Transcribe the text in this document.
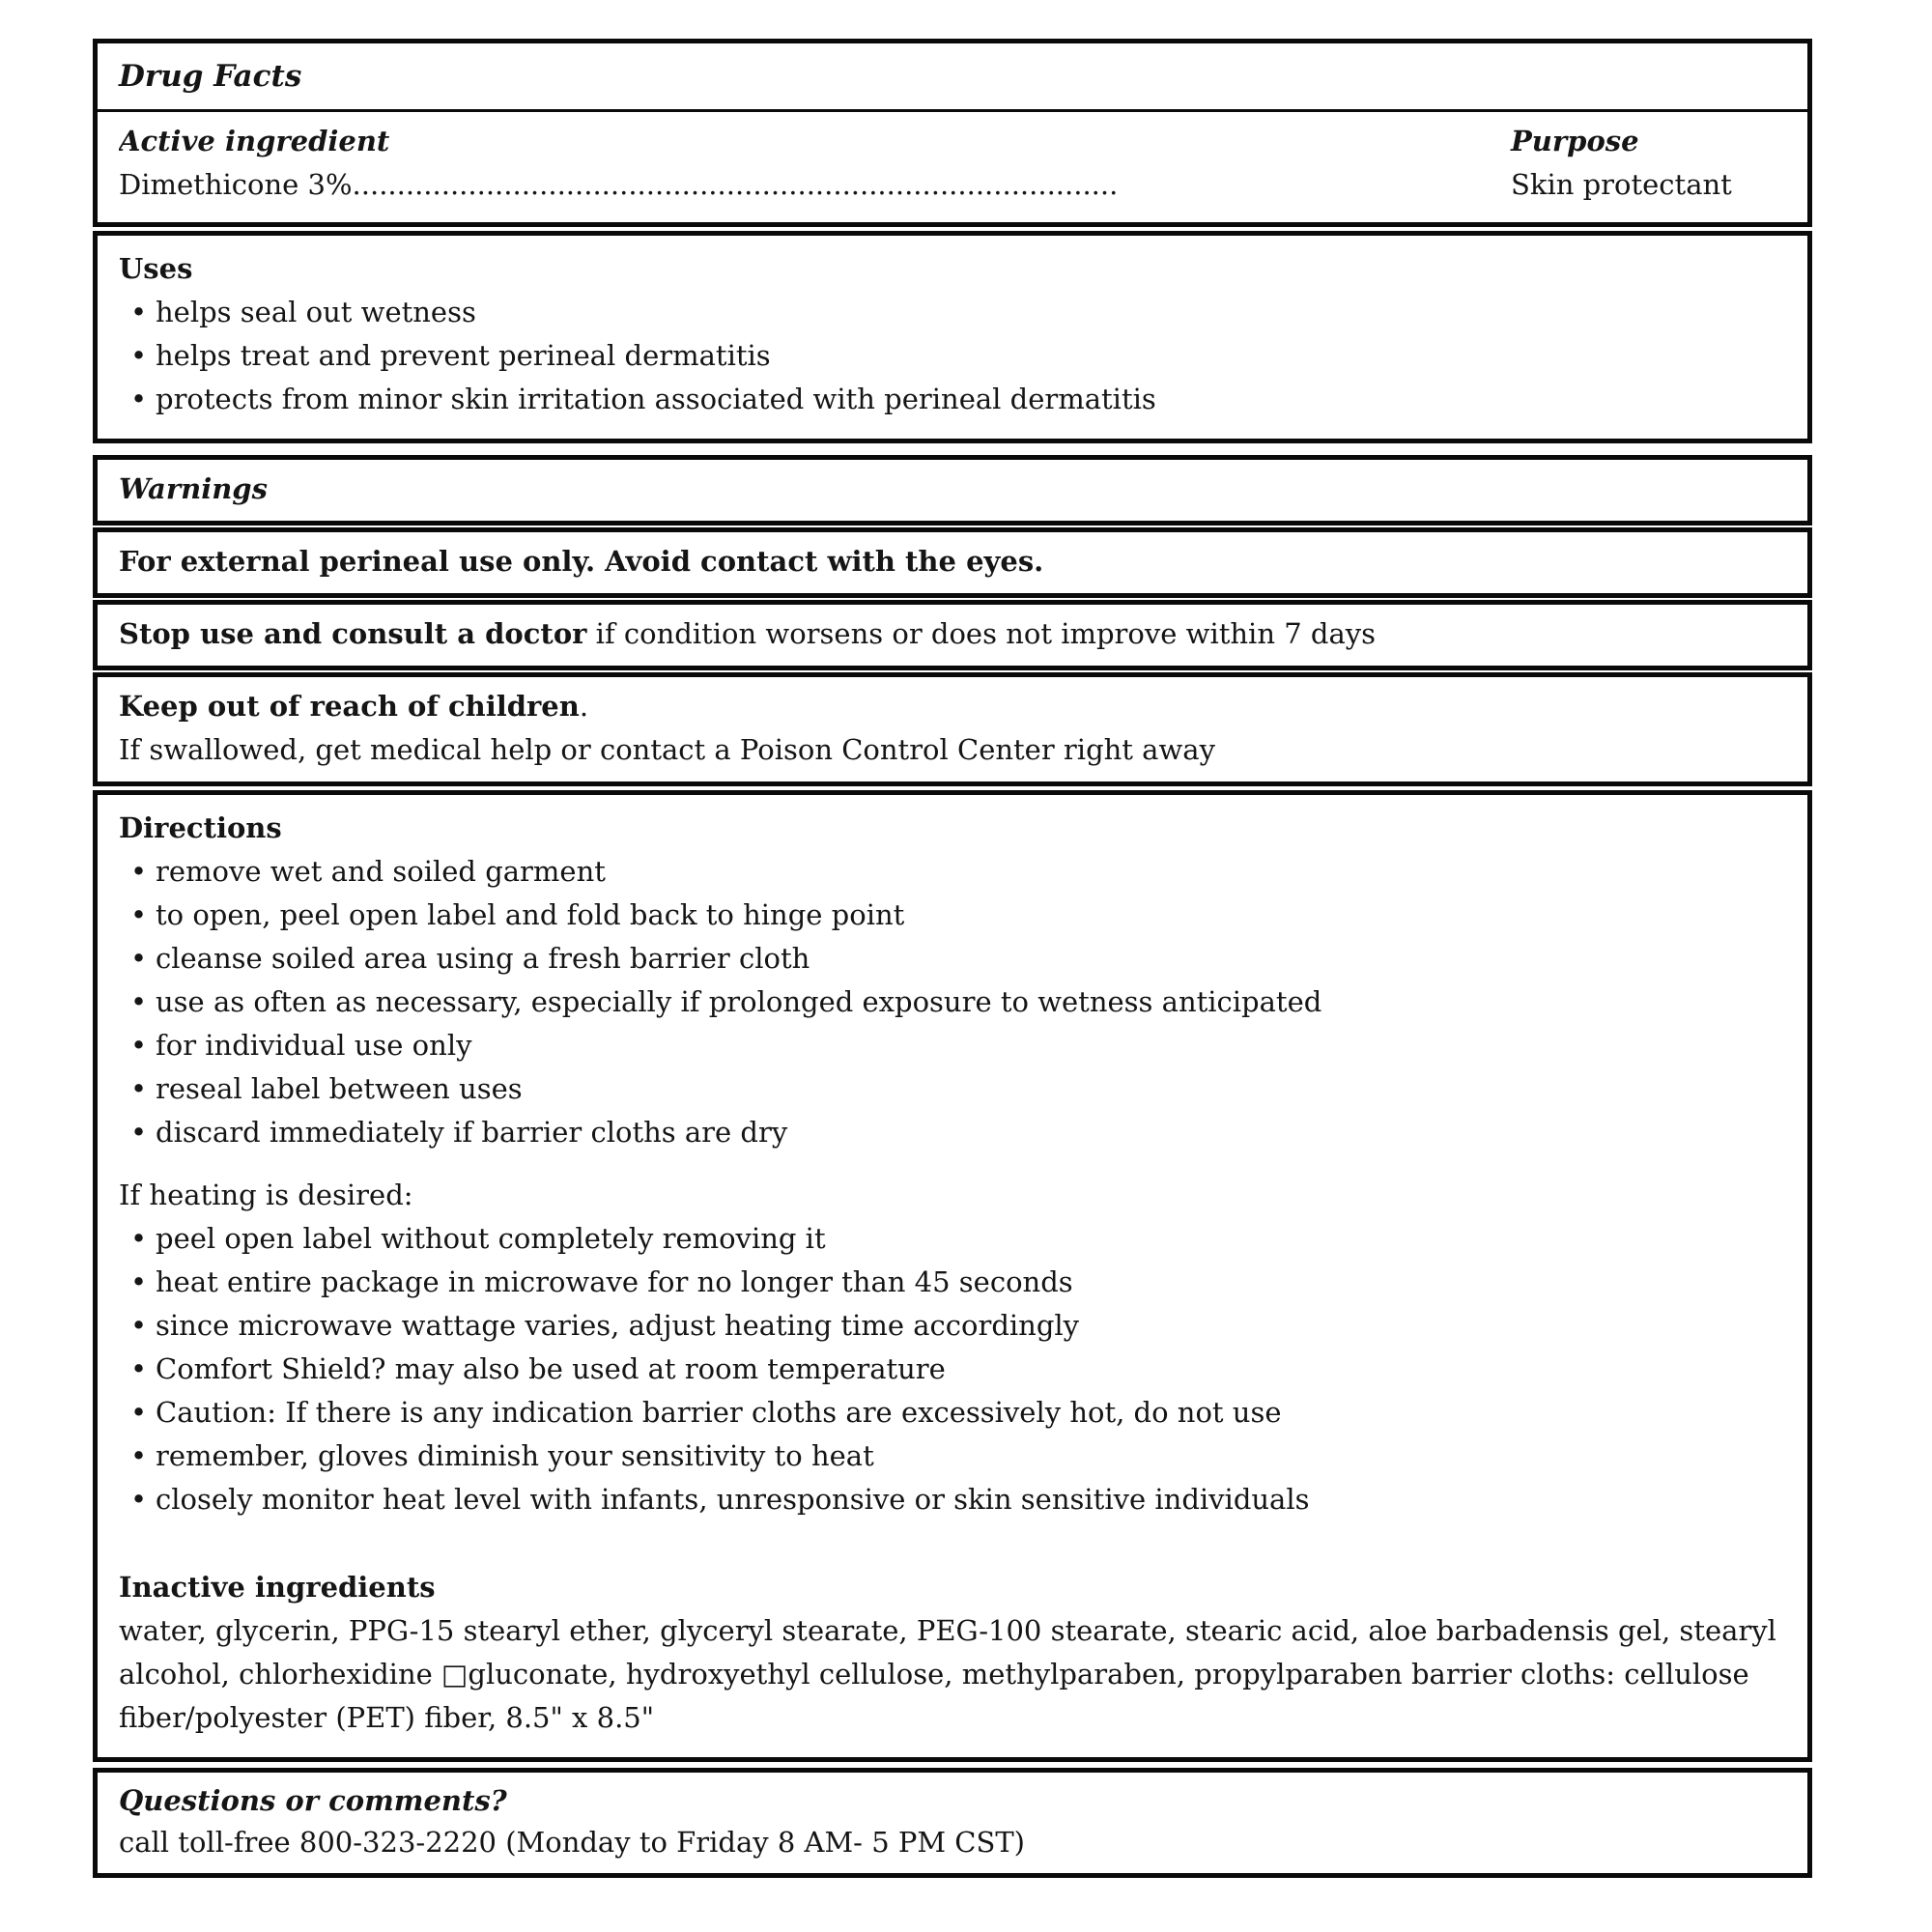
Drug Facts
Active ingredient
Dimethicone 3%......................................................................................
Purpose
Skin protectant
Uses
• helps seal out wetness
• helps treat and prevent perineal dermatitis
• protects from minor skin irritation associated with perineal dermatitis
Warnings
For external perineal use only. Avoid contact with the eyes.
Stop use and consult a doctor if condition worsens or does not improve within 7 days
Keep out of reach of children.
If swallowed, get medical help or contact a Poison Control Center right away
Directions
• remove wet and soiled garment
• to open, peel open label and fold back to hinge point
• cleanse soiled area using a fresh barrier cloth
• use as often as necessary, especially if prolonged exposure to wetness anticipated
• for individual use only
• reseal label between uses
• discard immediately if barrier cloths are dry
If heating is desired:
• peel open label without completely removing it
• heat entire package in microwave for no longer than 45 seconds
• since microwave wattage varies, adjust heating time accordingly
• Comfort Shield? may also be used at room temperature
• Caution: If there is any indication barrier cloths are excessively hot, do not use
• remember, gloves diminish your sensitivity to heat
• closely monitor heat level with infants, unresponsive or skin sensitive individuals
Inactive ingredients
water, glycerin, PPG-15 stearyl ether, glyceryl stearate, PEG-100 stearate, stearic acid, aloe barbadensis gel, stearyl alcohol, chlorhexidine □gluconate, hydroxyethyl cellulose, methylparaben, propylparaben barrier cloths: cellulose fiber/polyester (PET) fiber, 8.5" x 8.5"
Questions or comments?
call toll-free 800-323-2220 (Monday to Friday 8 AM- 5 PM CST)
